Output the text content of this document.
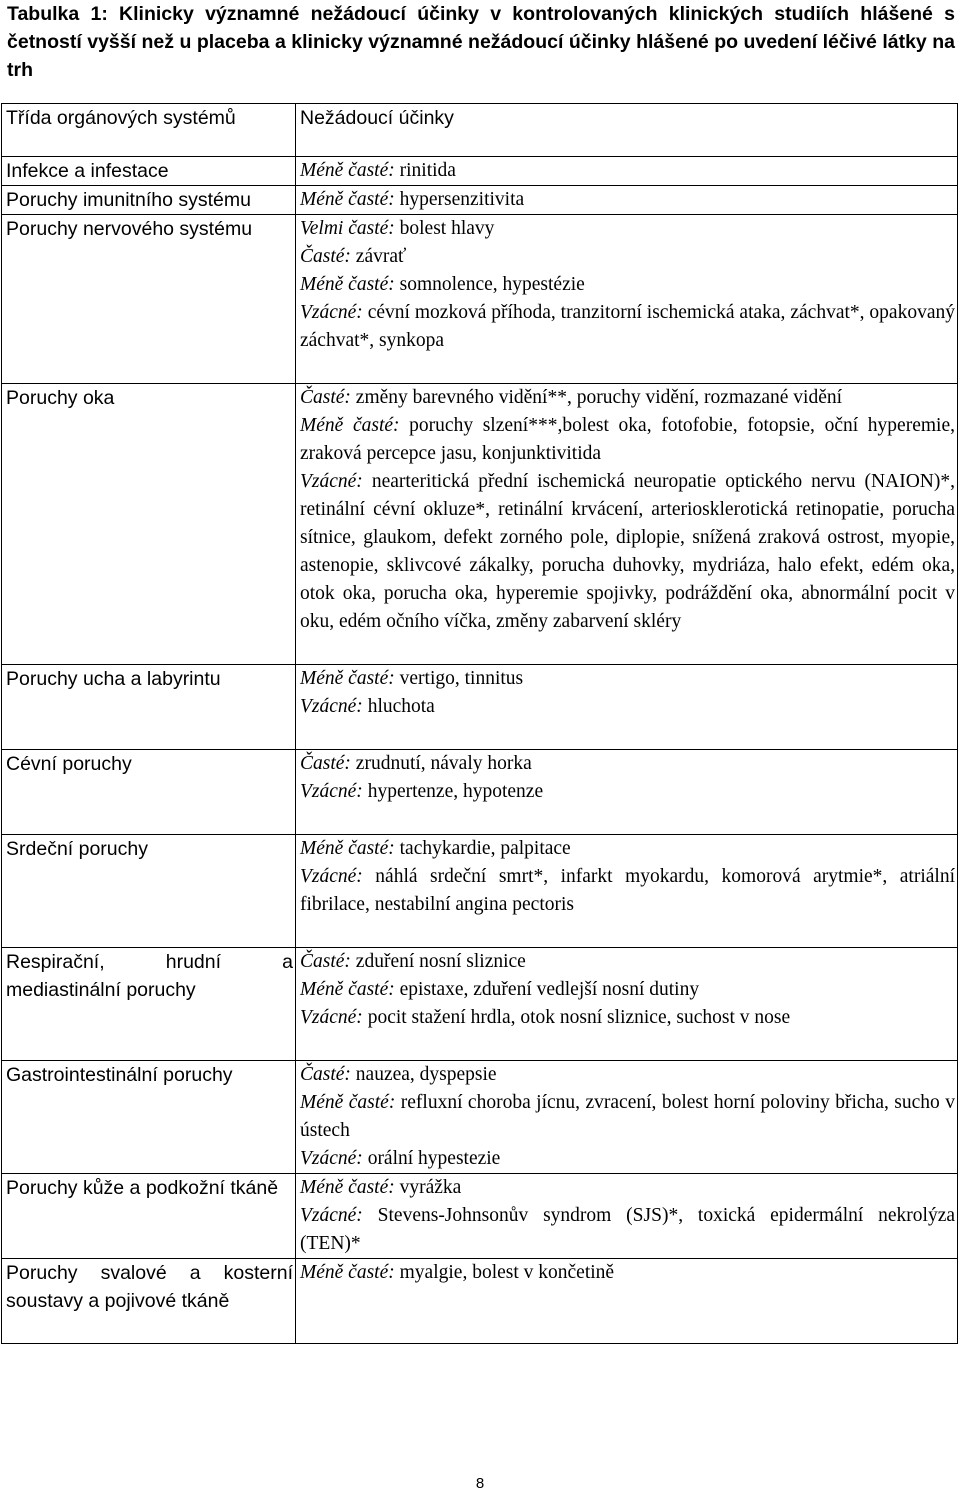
Tabulka 1: Klinicky významné nežádoucí účinky v kontrolovaných klinických studiích hlášené s četností vyšší než u placeba a klinicky významné nežádoucí účinky hlášené po uvedení léčivé látky na trh
Třída orgánových systémů	Nežádoucí účinky
Infekce a infestace	Méně časté: rinitida

Poruchy imunitního systému	Méně časté: hypersenzitivita

Poruchy nervového systému	Velmi časté: bolest hlavy
Časté: závrať
Méně časté: somnolence, hypestézie
Vzácné: cévní mozková příhoda, tranzitorní ischemická ataka, záchvat*, opakovaný záchvat*, synkopa

Poruchy oka	Časté: změny barevného vidění**, poruchy vidění, rozmazané vidění
Méně časté: poruchy slzení***,bolest oka, fotofobie, fotopsie, oční hyperemie, zraková percepce jasu, konjunktivitida
Vzácné: nearteritická přední ischemická neuropatie optického nervu (NAION)*, retinální cévní okluze*, retinální krvácení, arteriosklerotická retinopatie, porucha sítnice, glaukom, defekt zorného pole, diplopie, snížená zraková ostrost, myopie, astenopie, sklivcové zákalky, porucha duhovky, mydriáza, halo efekt, edém oka, otok oka, porucha oka, hyperemie spojivky, podráždění oka, abnormální pocit v oku, edém očního víčka, změny zabarvení skléry

Poruchy ucha a labyrintu	Méně časté: vertigo, tinnitus
Vzácné: hluchota

Cévní poruchy	Časté: zrudnutí, návaly horka
Vzácné: hypertenze, hypotenze

Srdeční poruchy	Méně časté: tachykardie, palpitace
Vzácné: náhlá srdeční smrt*, infarkt myokardu, komorová arytmie*, atriální fibrilace, nestabilní angina pectoris

Respirační, hrudní a mediastinální poruchy	Časté: zduření nosní sliznice
Méně časté: epistaxe, zduření vedlejší nosní dutiny
Vzácné: pocit stažení hrdla, otok nosní sliznice, suchost v nose

Gastrointestinální poruchy	Časté: nauzea, dyspepsie
Méně časté: refluxní choroba jícnu, zvracení, bolest horní poloviny břicha, sucho v ústech
Vzácné: orální hypestezie

Poruchy kůže a podkožní tkáně	Méně časté: vyrážka
Vzácné: Stevens-Johnsonův syndrom (SJS)*, toxická epidermální nekrolýza (TEN)*

Poruchy svalové a kosterní soustavy a pojivové tkáně	Méně časté: myalgie, bolest v končetině
8
